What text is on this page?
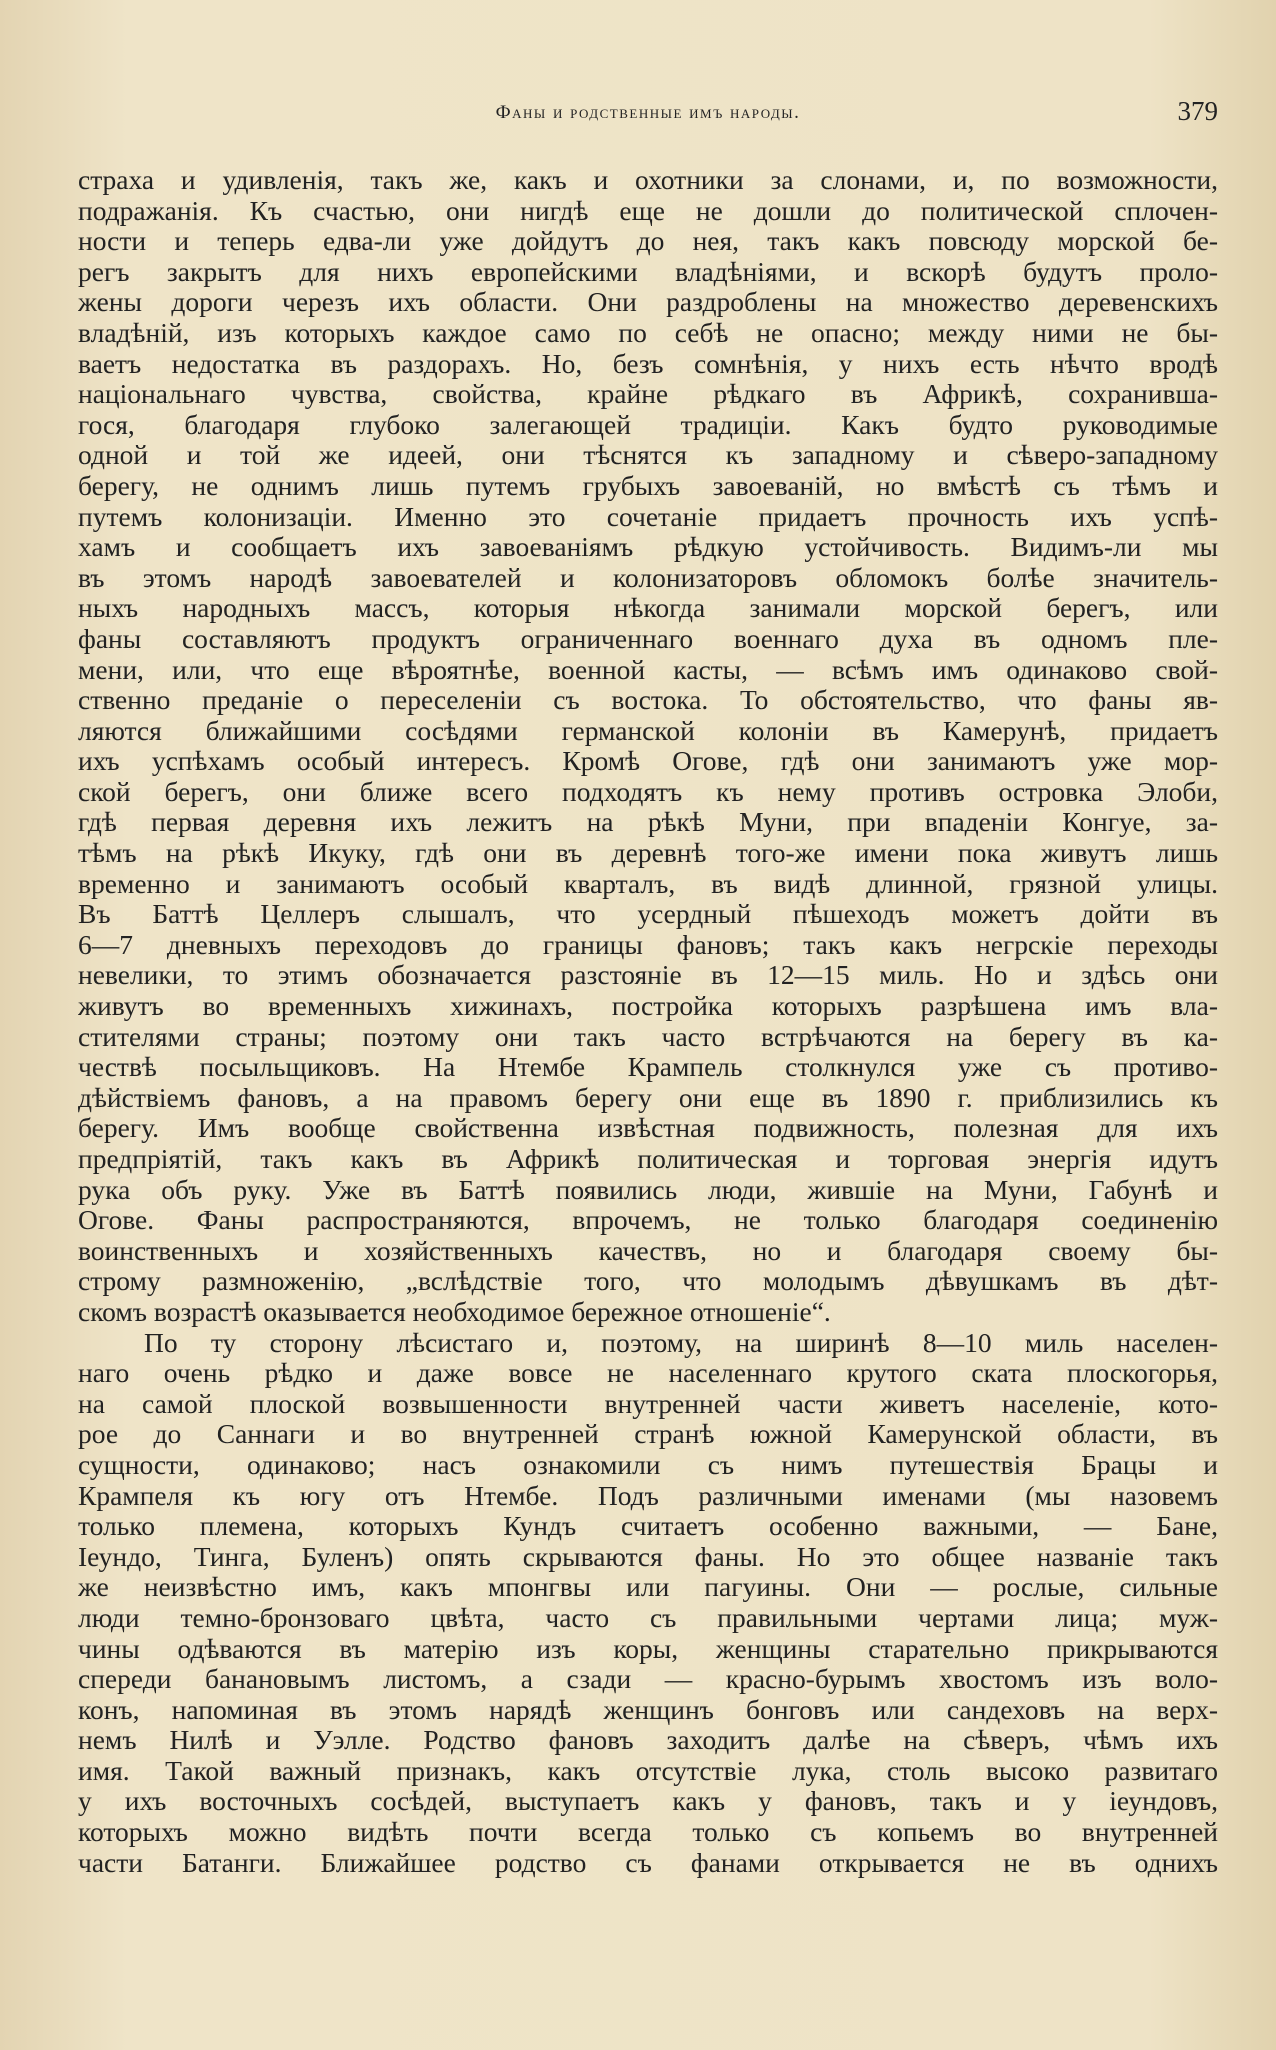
Фаны и родственные имъ народы.	379
страха и удивленія, такъ же, какъ и охотники за слонами, и, по возможности,
подражанія. Къ счастью, они нигдѣ еще не дошли до политической сплочен-
ности и теперь едва-ли уже дойдутъ до нея, такъ какъ повсюду морской бе-
регъ закрытъ для нихъ европейскими владѣніями, и вскорѣ будутъ проло-
жены дороги черезъ ихъ области. Они раздроблены на множество деревенскихъ
владѣній, изъ которыхъ каждое само по себѣ не опасно; между ними не бы-
ваетъ недостатка въ раздорахъ. Но, безъ сомнѣнія, у нихъ есть нѣчто вродѣ
національнаго чувства, свойства, крайне рѣдкаго въ Африкѣ, сохранивша-
гося, благодаря глубоко залегающей традиціи. Какъ будто руководимые
одной и той же идеей, они тѣснятся къ западному и сѣверо-западному
берегу, не однимъ лишь путемъ грубыхъ завоеваній, но вмѣстѣ съ тѣмъ и
путемъ колонизаціи. Именно это сочетаніе придаетъ прочность ихъ успѣ-
хамъ и сообщаетъ ихъ завоеваніямъ рѣдкую устойчивость. Видимъ-ли мы
въ этомъ народѣ завоевателей и колонизаторовъ обломокъ болѣе значитель-
ныхъ народныхъ массъ, которыя нѣкогда занимали морской берегъ, или
фаны составляютъ продуктъ ограниченнаго военнаго духа въ одномъ пле-
мени, или, что еще вѣроятнѣе, военной касты, — всѣмъ имъ одинаково свой-
ственно преданіе о переселеніи съ востока. То обстоятельство, что фаны яв-
ляются ближайшими сосѣдями германской колоніи въ Камерунѣ, придаетъ
ихъ успѣхамъ особый интересъ. Кромѣ Огове, гдѣ они занимаютъ уже мор-
ской берегъ, они ближе всего подходятъ къ нему противъ островка Элоби,
гдѣ первая деревня ихъ лежитъ на рѣкѣ Муни, при впаденіи Конгуе, за-
тѣмъ на рѣкѣ Икуку, гдѣ они въ деревнѣ того-же имени пока живутъ лишь
временно и занимаютъ особый кварталъ, въ видѣ длинной, грязной улицы.
Въ Баттѣ Целлеръ слышалъ, что усердный пѣшеходъ можетъ дойти въ
6—7 дневныхъ переходовъ до границы фановъ; такъ какъ негрскіе переходы
невелики, то этимъ обозначается разстояніе въ 12—15 миль. Но и здѣсь они
живутъ во временныхъ хижинахъ, постройка которыхъ разрѣшена имъ вла-
стителями страны; поэтому они такъ часто встрѣчаются на берегу въ ка-
чествѣ посыльщиковъ. На Нтембе Крампель столкнулся уже съ противо-
дѣйствіемъ фановъ, а на правомъ берегу они еще въ 1890 г. приблизились къ
берегу. Имъ вообще свойственна извѣстная подвижность, полезная для ихъ
предпріятій, такъ какъ въ Африкѣ политическая и торговая энергія идутъ
рука объ руку. Уже въ Баттѣ появились люди, жившіе на Муни, Габунѣ и
Огове. Фаны распространяются, впрочемъ, не только благодаря соединенію
воинственныхъ и хозяйственныхъ качествъ, но и благодаря своему бы-
строму размноженію, „вслѣдствіе того, что молодымъ дѣвушкамъ въ дѣт-
скомъ возрастѣ оказывается необходимое бережное отношеніе“.
По ту сторону лѣсистаго и, поэтому, на ширинѣ 8—10 миль населен-
наго очень рѣдко и даже вовсе не населеннаго крутого ската плоскогорья,
на самой плоской возвышенности внутренней части живетъ населеніе, кото-
рое до Саннаги и во внутренней странѣ южной Камерунской области, въ
сущности, одинаково; насъ ознакомили съ нимъ путешествія Брацы и
Крампеля къ югу отъ Нтембе. Подъ различными именами (мы назовемъ
только племена, которыхъ Кундъ считаетъ особенно важными, — Бане,
Іеундо, Тинга, Буленъ) опять скрываются фаны. Но это общее названіе такъ
же неизвѣстно имъ, какъ мпонгвы или пагуины. Они — рослые, сильные
люди темно-бронзоваго цвѣта, часто съ правильными чертами лица; муж-
чины одѣваются въ матерію изъ коры, женщины старательно прикрываются
спереди банановымъ листомъ, а сзади — красно-бурымъ хвостомъ изъ воло-
конъ, напоминая въ этомъ нарядѣ женщинъ бонговъ или сандеховъ на верх-
немъ Нилѣ и Уэлле. Родство фановъ заходитъ далѣе на сѣверъ, чѣмъ ихъ
имя. Такой важный признакъ, какъ отсутствіе лука, столь высоко развитаго
у ихъ восточныхъ сосѣдей, выступаетъ какъ у фановъ, такъ и у іеундовъ,
которыхъ можно видѣть почти всегда только съ копьемъ во внутренней
части Батанги. Ближайшее родство съ фанами открывается не въ однихъ
